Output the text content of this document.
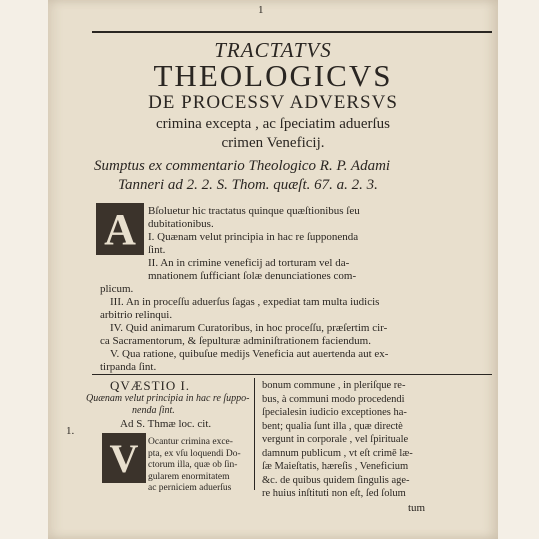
1
TRACTATVS
THEOLOGICVS
DE PROCESSV ADVERSVS
crimina excepta , ac ſpeciatim aduerſus
crimen Veneficij.
Sumptus ex commentario Theologico R. P. Adami
Tanneri ad 2. 2. S. Thom. quæſt. 67. a. 2. 3.
A Bſoluetur hic tractatus quinque quæſtionibus ſeu
dubitationibus.
I. Quænam velut principia in hac re ſupponenda
ſint.
II. An in crimine veneficij ad torturam vel da-
mnationem ſufficiant ſolæ denunciationes com-
plicum.
III. An in proceſſu aduerſus ſagas , expediat tam multa iudicis
arbitrio relinqui.
IV. Quid animarum Curatoribus, in hoc proceſſu, præſertim cir-
ca Sacramentorum, & ſepulturæ adminiſtrationem faciendum.
V. Qua ratione, quibuſue medijs Veneficia aut auertenda aut ex-
tirpanda ſint.
QVÆSTIO I.
Quænam velut principia in hac re ſuppo-
nenda ſint.
Ad S. Thmæ loc. cit.
V
1.
Ocantur crimina exce-
pta, ex vſu loquendi Do-
ctorum illa, quæ ob ſin-
gularem enormitatem
ac perniciem aduerſus
bonum commune , in pleriſque re-
bus, à communi modo procedendi
ſpecialesin iudicio exceptiones ha-
bent; qualia ſunt illa , quæ directè
vergunt in corporale , vel ſpirituale
damnum publicum , vt eſt crimē læ-
ſæ Maieſtatis, hæreſis , Veneficium
&c. de quibus quidem ſingulis age-
re huius inſtituti non eſt, ſed ſolum
tum
